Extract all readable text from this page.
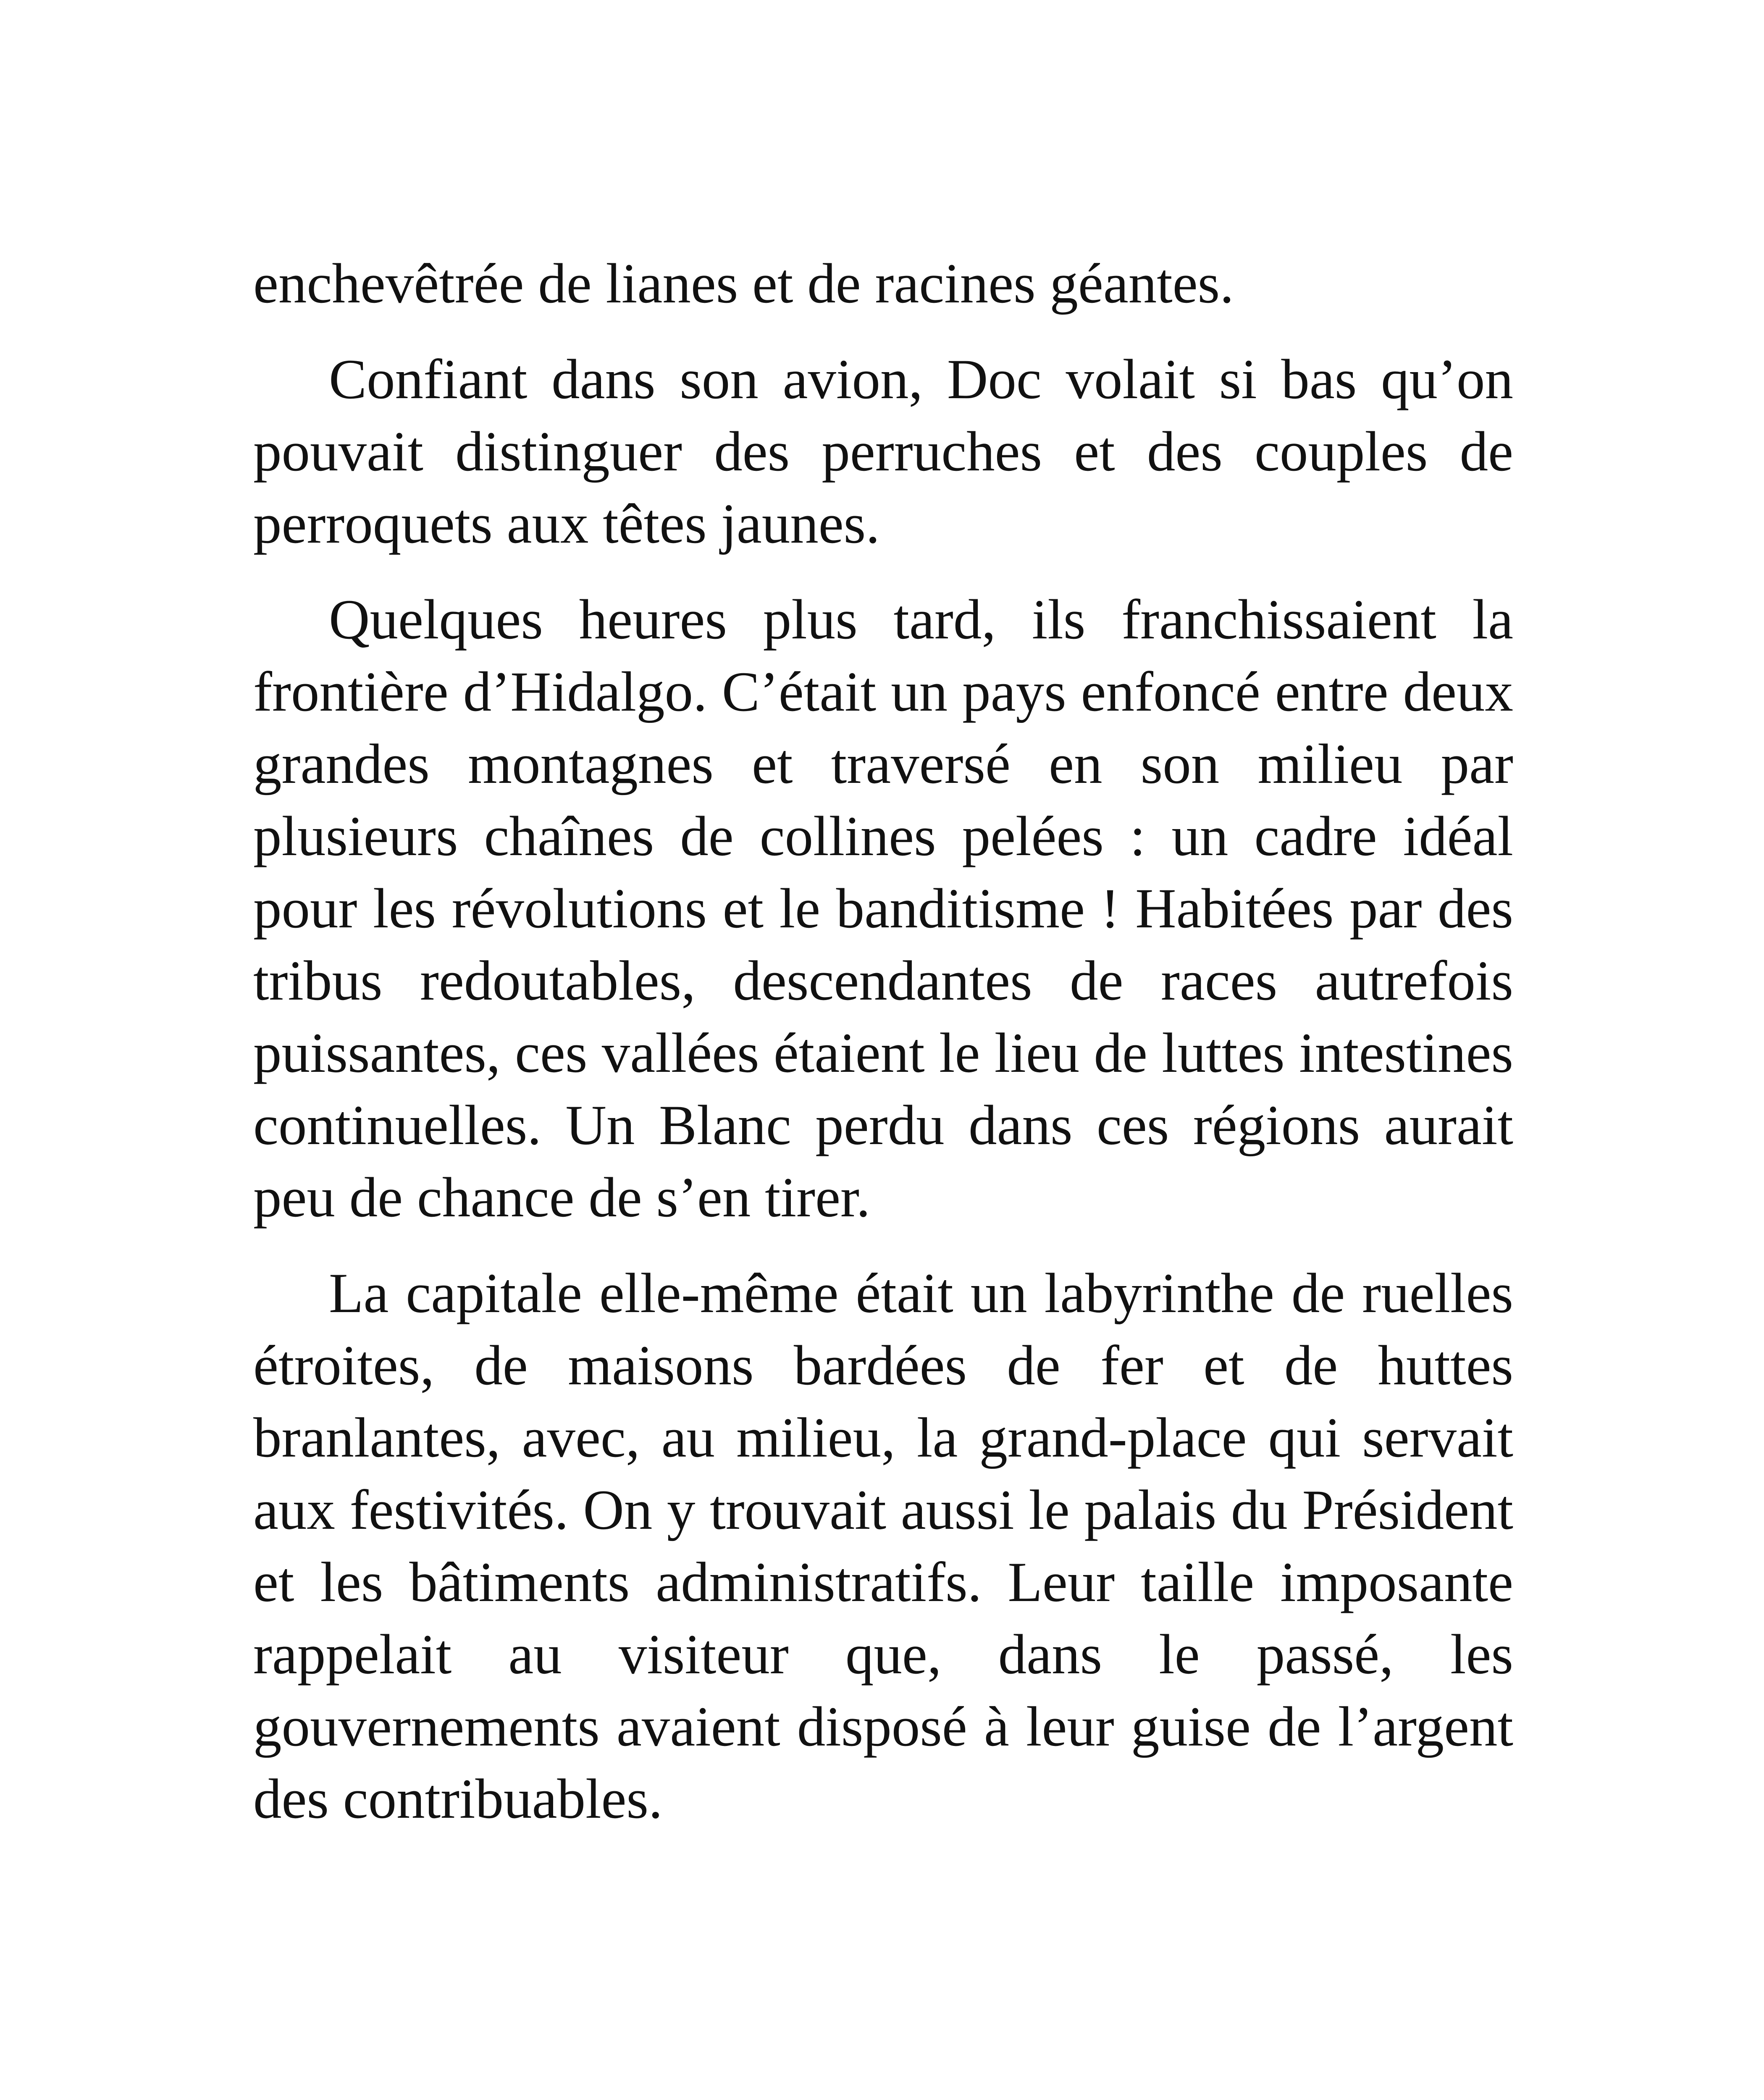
enchevêtrée de lianes et de racines géantes.

Confiant dans son avion, Doc volait si bas qu’on pouvait distinguer des perruches et des couples de perroquets aux têtes jaunes.

Quelques heures plus tard, ils franchissaient la frontière d’Hidalgo. C’était un pays enfoncé entre deux grandes montagnes et traversé en son milieu par plusieurs chaînes de collines pelées : un cadre idéal pour les révolutions et le banditisme ! Habitées par des tribus redoutables, descendantes de races autrefois puissantes, ces vallées étaient le lieu de luttes intestines continuelles. Un Blanc perdu dans ces régions aurait peu de chance de s’en tirer.

La capitale elle-même était un labyrinthe de ruelles étroites, de maisons bardées de fer et de huttes branlantes, avec, au milieu, la grand-place qui servait aux festivités. On y trouvait aussi le palais du Président et les bâtiments administratifs. Leur taille imposante rappelait au visiteur que, dans le passé, les gouvernements avaient disposé à leur guise de l’argent des contribuables.
